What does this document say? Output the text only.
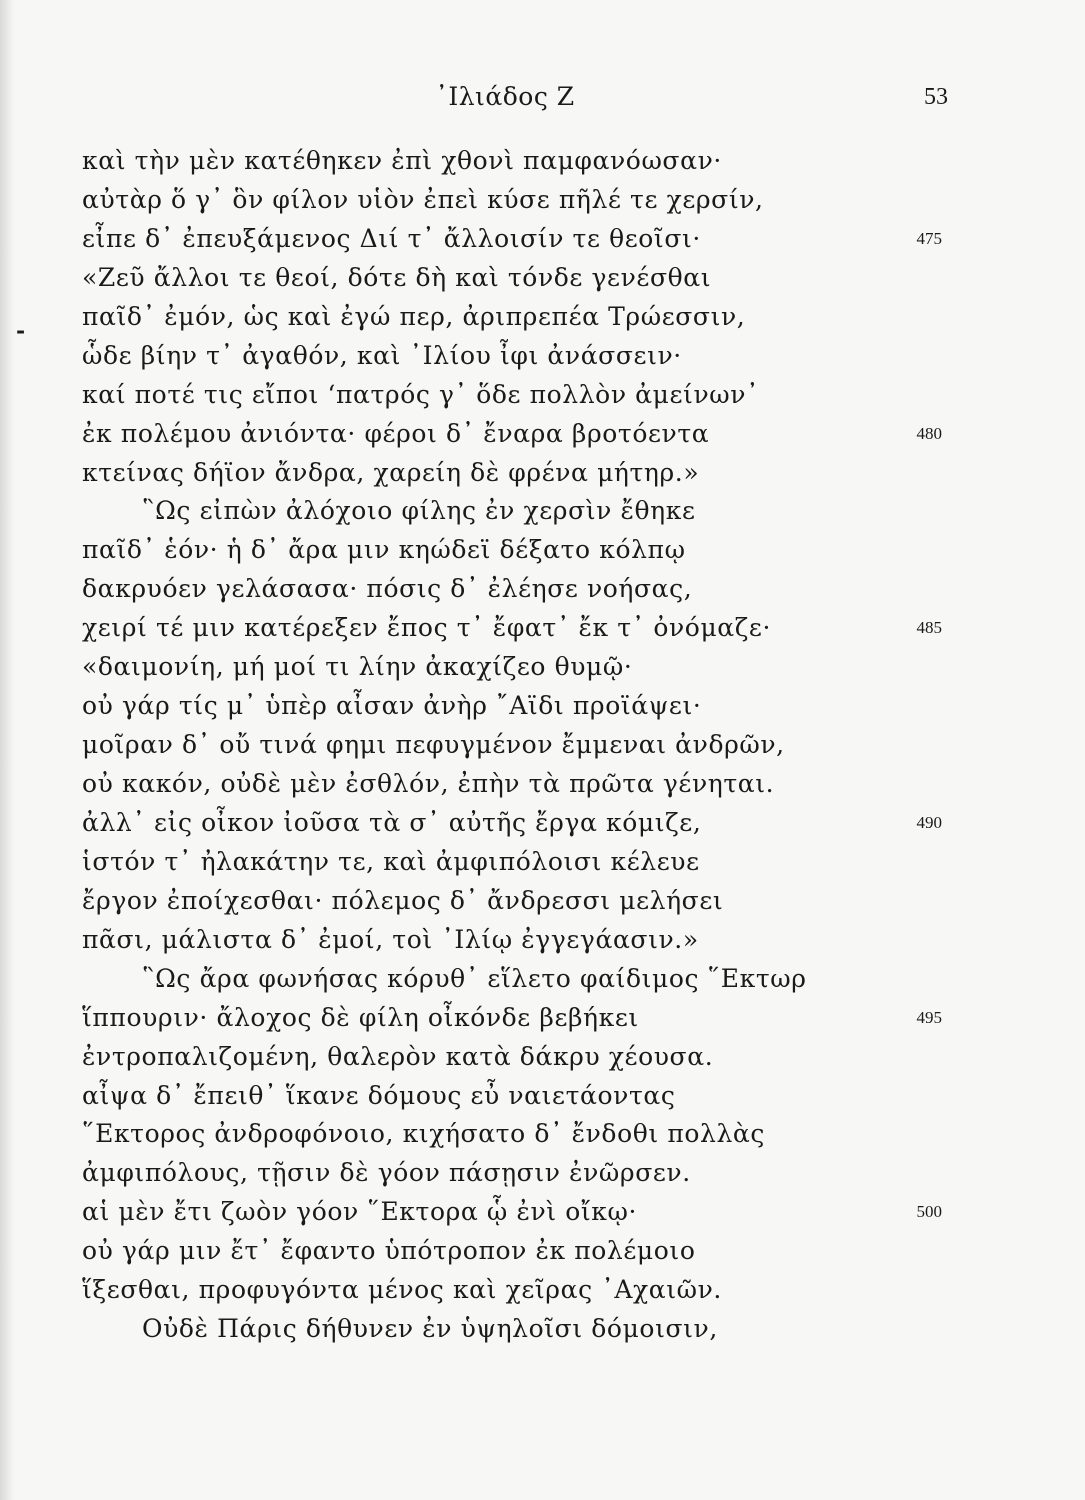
᾿Ιλιάδος Ζ	53
-
καὶ τὴν μὲν κατέθηκεν ἐπὶ χθονὶ παμφανόωσαν·
αὐτὰρ ὅ γ᾿ ὃν φίλον υἱὸν ἐπεὶ κύσε πῆλέ τε χερσίν,
εἶπε δ᾿ ἐπευξάμενος Διί τ᾿ ἄλλοισίν τε θεοῖσι·	475
«Ζεῦ ἄλλοι τε θεοί, δότε δὴ καὶ τόνδε γενέσθαι
παῖδ᾿ ἐμόν, ὡς καὶ ἐγώ περ, ἀριπρεπέα Τρώεσσιν,
ὧδε βίην τ᾿ ἀγαθόν, καὶ ᾿Ιλίου ἶφι ἀνάσσειν·
καί ποτέ τις εἴποι ‘πατρός γ᾿ ὅδε πολλὸν ἀμείνων᾿
ἐκ πολέμου ἀνιόντα· φέροι δ᾿ ἔναρα βροτόεντα	480
κτείνας δήϊον ἄνδρα, χαρείη δὲ φρένα μήτηρ.»
῝Ως εἰπὼν ἀλόχοιο φίλης ἐν χερσὶν ἔθηκε
παῖδ᾿ ἑόν· ἡ δ᾿ ἄρα μιν κηώδεϊ δέξατο κόλπῳ
δακρυόεν γελάσασα· πόσις δ᾿ ἐλέησε νοήσας,
χειρί τέ μιν κατέρεξεν ἔπος τ᾿ ἔφατ᾿ ἔκ τ᾿ ὀνόμαζε·	485
«δαιμονίη, μή μοί τι λίην ἀκαχίζεο θυμῷ·
οὐ γάρ τίς μ᾿ ὑπὲρ αἶσαν ἀνὴρ ῎Αϊδι προϊάψει·
μοῖραν δ᾿ οὔ τινά φημι πεφυγμένον ἔμμεναι ἀνδρῶν,
οὐ κακόν, οὐδὲ μὲν ἐσθλόν, ἐπὴν τὰ πρῶτα γένηται.
ἀλλ᾿ εἰς οἶκον ἰοῦσα τὰ σ᾿ αὐτῆς ἔργα κόμιζε,	490
ἱστόν τ᾿ ἠλακάτην τε, καὶ ἀμφιπόλοισι κέλευε
ἔργον ἐποίχεσθαι· πόλεμος δ᾿ ἄνδρεσσι μελήσει
πᾶσι, μάλιστα δ᾿ ἐμοί, τοὶ ᾿Ιλίῳ ἐγγεγάασιν.»
῝Ως ἄρα φωνήσας κόρυθ᾿ εἵλετο φαίδιμος ῞Εκτωρ
ἵππουριν· ἄλοχος δὲ φίλη οἶκόνδε βεβήκει	495
ἐντροπαλιζομένη, θαλερὸν κατὰ δάκρυ χέουσα.
αἶψα δ᾿ ἔπειθ᾿ ἵκανε δόμους εὖ ναιετάοντας
῞Εκτορος ἀνδροφόνοιο, κιχήσατο δ᾿ ἔνδοθι πολλὰς
ἀμφιπόλους, τῇσιν δὲ γόον πάσῃσιν ἐνῶρσεν.
αἱ μὲν ἔτι ζωὸν γόον ῞Εκτορα ᾧ ἐνὶ οἴκῳ·	500
οὐ γάρ μιν ἔτ᾿ ἔφαντο ὑπότροπον ἐκ πολέμοιο
ἵξεσθαι, προφυγόντα μένος καὶ χεῖρας ᾿Αχαιῶν.
Οὐδὲ Πάρις δήθυνεν ἐν ὑψηλοῖσι δόμοισιν,
